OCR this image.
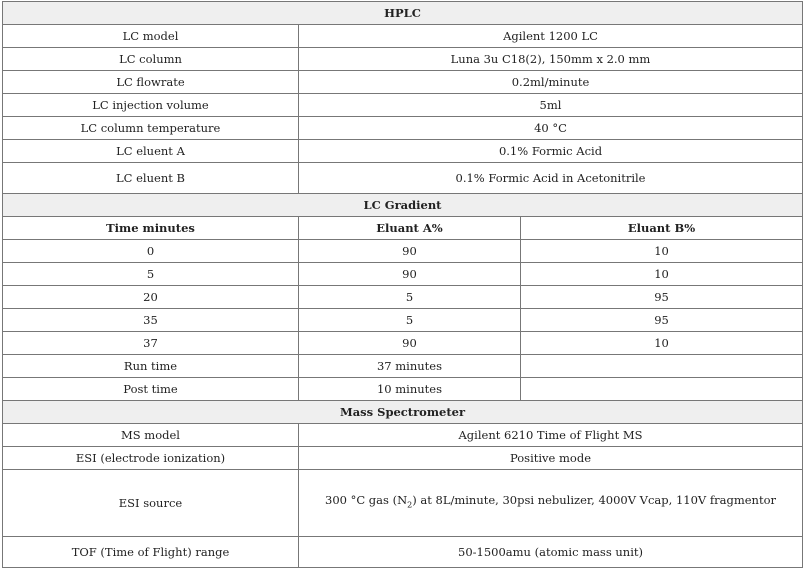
HPLC		
LC model	Agilent 1200 LC	
LC column	Luna 3u C18(2), 150mm x 2.0 mm	
LC flowrate	0.2ml/minute	
LC injection volume	5ml	
LC column temperature	40 °C	
LC eluent A	0.1% Formic Acid	
LC eluent B	0.1% Formic Acid in Acetonitrile	
LC Gradient		
Time minutes	Eluant A%	Eluant B%
0	90	10
5	90	10
20	5	95
35	5	95
37	90	10
Run time	37 minutes	
Post time	10 minutes	
Mass Spectrometer		
MS model	Agilent 6210 Time of Flight MS	
ESI (electrode ionization)	Positive mode	
ESI source	300 °C gas $(N_2)$ at 8L/minute, 30psi nebulizer, 4000V Vcap, 110V fragmentor	
TOF (Time of Flight) range	50-1500amu (atomic mass unit)	
